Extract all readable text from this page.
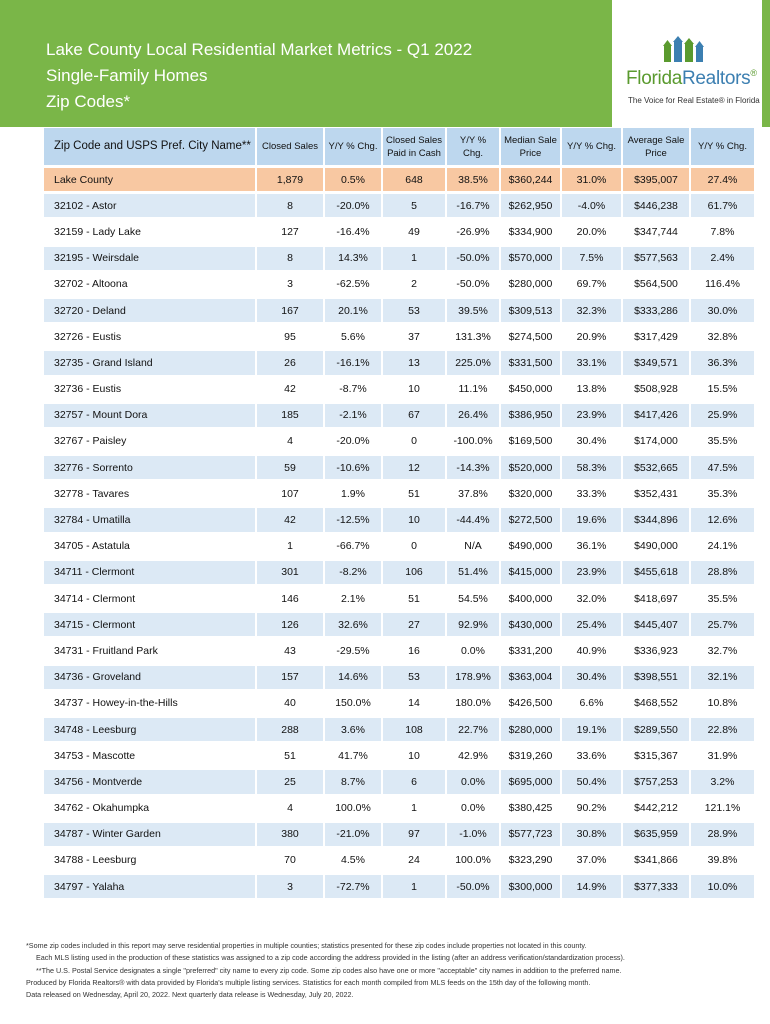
Lake County Local Residential Market Metrics - Q1 2022
Single-Family Homes
Zip Codes*
FloridaRealtors®
The Voice for Real Estate® in Florida
Zip Code and USPS Pref. City Name**	Closed Sales	Y/Y % Chg.	Closed Sales Paid in Cash	Y/Y % Chg.	Median Sale Price	Y/Y % Chg.	Average Sale Price	Y/Y % Chg.
Lake County	1,879	0.5%	648	38.5%	$360,244	31.0%	$395,007	27.4%
32102 - Astor	8	-20.0%	5	-16.7%	$262,950	-4.0%	$446,238	61.7%
32159 - Lady Lake	127	-16.4%	49	-26.9%	$334,900	20.0%	$347,744	7.8%
32195 - Weirsdale	8	14.3%	1	-50.0%	$570,000	7.5%	$577,563	2.4%
32702 - Altoona	3	-62.5%	2	-50.0%	$280,000	69.7%	$564,500	116.4%
32720 - Deland	167	20.1%	53	39.5%	$309,513	32.3%	$333,286	30.0%
32726 - Eustis	95	5.6%	37	131.3%	$274,500	20.9%	$317,429	32.8%
32735 - Grand Island	26	-16.1%	13	225.0%	$331,500	33.1%	$349,571	36.3%
32736 - Eustis	42	-8.7%	10	11.1%	$450,000	13.8%	$508,928	15.5%
32757 - Mount Dora	185	-2.1%	67	26.4%	$386,950	23.9%	$417,426	25.9%
32767 - Paisley	4	-20.0%	0	-100.0%	$169,500	30.4%	$174,000	35.5%
32776 - Sorrento	59	-10.6%	12	-14.3%	$520,000	58.3%	$532,665	47.5%
32778 - Tavares	107	1.9%	51	37.8%	$320,000	33.3%	$352,431	35.3%
32784 - Umatilla	42	-12.5%	10	-44.4%	$272,500	19.6%	$344,896	12.6%
34705 - Astatula	1	-66.7%	0	N/A	$490,000	36.1%	$490,000	24.1%
34711 - Clermont	301	-8.2%	106	51.4%	$415,000	23.9%	$455,618	28.8%
34714 - Clermont	146	2.1%	51	54.5%	$400,000	32.0%	$418,697	35.5%
34715 - Clermont	126	32.6%	27	92.9%	$430,000	25.4%	$445,407	25.7%
34731 - Fruitland Park	43	-29.5%	16	0.0%	$331,200	40.9%	$336,923	32.7%
34736 - Groveland	157	14.6%	53	178.9%	$363,004	30.4%	$398,551	32.1%
34737 - Howey-in-the-Hills	40	150.0%	14	180.0%	$426,500	6.6%	$468,552	10.8%
34748 - Leesburg	288	3.6%	108	22.7%	$280,000	19.1%	$289,550	22.8%
34753 - Mascotte	51	41.7%	10	42.9%	$319,260	33.6%	$315,367	31.9%
34756 - Montverde	25	8.7%	6	0.0%	$695,000	50.4%	$757,253	3.2%
34762 - Okahumpka	4	100.0%	1	0.0%	$380,425	90.2%	$442,212	121.1%
34787 - Winter Garden	380	-21.0%	97	-1.0%	$577,723	30.8%	$635,959	28.9%
34788 - Leesburg	70	4.5%	24	100.0%	$323,290	37.0%	$341,866	39.8%
34797 - Yalaha	3	-72.7%	1	-50.0%	$300,000	14.9%	$377,333	10.0%
*Some zip codes included in this report may serve residential properties in multiple counties; statistics presented for these zip codes include properties not located in this county.
Each MLS listing used in the production of these statistics was assigned to a zip code according the address provided in the listing (after an address verification/standardization process).
**The U.S. Postal Service designates a single "preferred" city name to every zip code. Some zip codes also have one or more "acceptable" city names in addition to the preferred name.
Produced by Florida Realtors® with data provided by Florida's multiple listing services. Statistics for each month compiled from MLS feeds on the 15th day of the following month.
Data released on Wednesday, April 20, 2022. Next quarterly data release is Wednesday, July 20, 2022.
